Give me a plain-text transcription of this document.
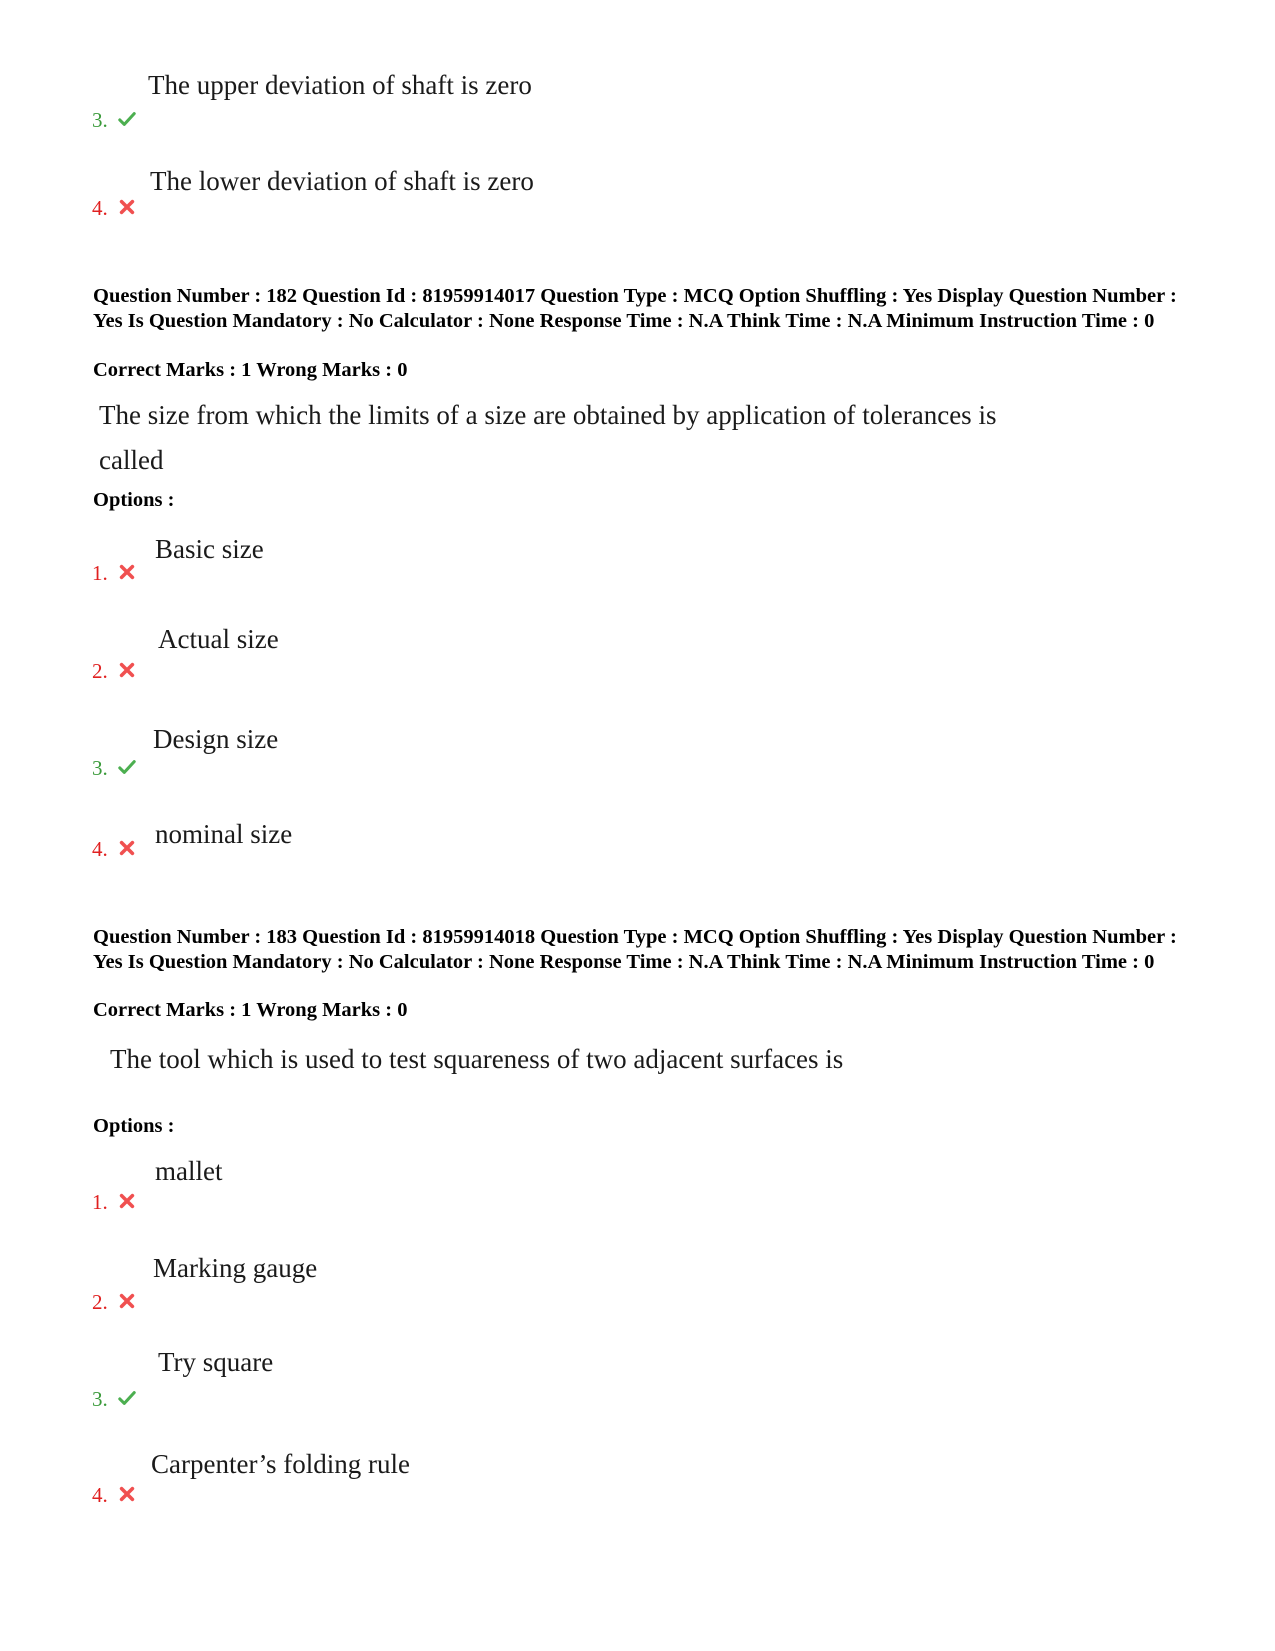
The upper deviation of shaft is zero
3.
The lower deviation of shaft is zero
4.
Question Number : 182 Question Id : 81959914017 Question Type : MCQ Option Shuffling : Yes Display Question Number : Yes Is Question Mandatory : No Calculator : None Response Time : N.A Think Time : N.A Minimum Instruction Time : 0
Correct Marks : 1 Wrong Marks : 0
The size from which the limits of a size are obtained by application of tolerances is
called
Options :
Basic size
1.
Actual size
2.
Design size
3.
nominal size
4.
Question Number : 183 Question Id : 81959914018 Question Type : MCQ Option Shuffling : Yes Display Question Number : Yes Is Question Mandatory : No Calculator : None Response Time : N.A Think Time : N.A Minimum Instruction Time : 0
Correct Marks : 1 Wrong Marks : 0
The tool which is used to test squareness of two adjacent surfaces is
Options :
mallet
1.
Marking gauge
2.
Try square
3.
Carpenter’s folding rule
4.
